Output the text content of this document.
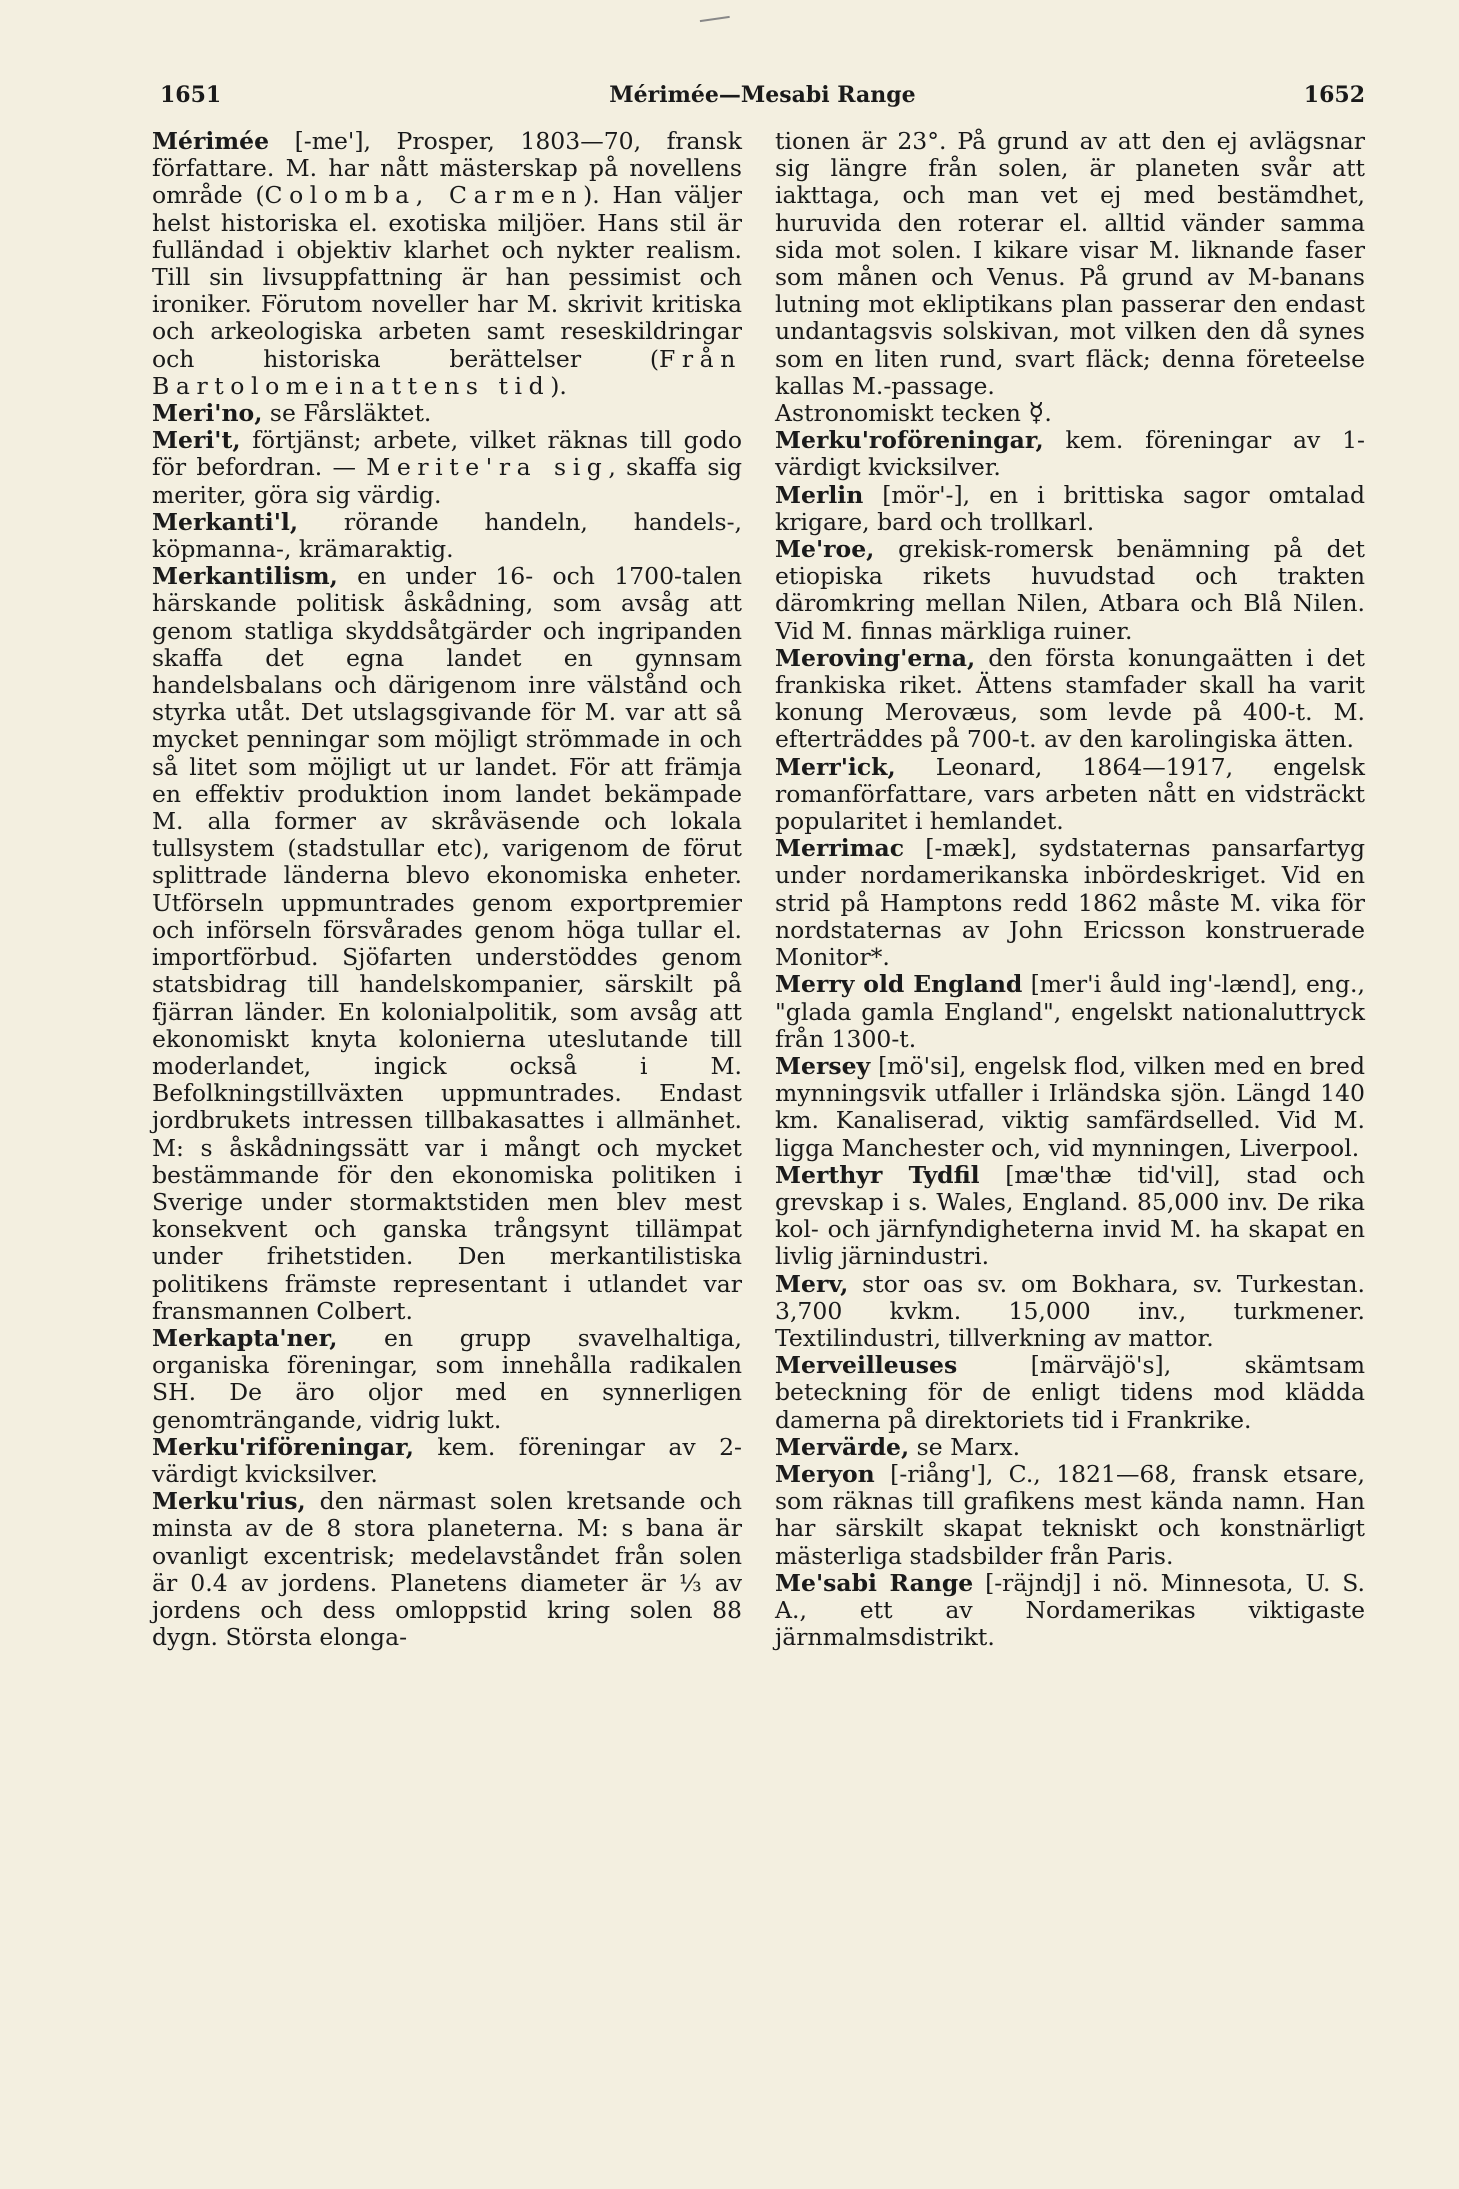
1651	Mérimée—Mesabi Range	1652

Mérimée [-me'], Prosper, 1803—70, fransk författare. M. har nått mästerskap på novellens område (Colomba, Carmen). Han väljer helst historiska el. exotiska miljöer. Hans stil är fulländad i objektiv klarhet och nykter realism. Till sin livsuppfattning är han pessimist och ironiker. Förutom noveller har M. skrivit kritiska och arkeologiska arbeten samt reseskildringar och historiska berättelser (Från Bartolomeinattens tid).

Meri'no, se Fårsläktet.

Meri't, förtjänst; arbete, vilket räknas till godo för befordran. — Merite'ra sig, skaffa sig meriter, göra sig värdig.

Merkanti'l, rörande handeln, handels-, köpmanna-, krämaraktig.

Merkantilism, en under 16- och 1700-talen härskande politisk åskådning, som avsåg att genom statliga skyddsåtgärder och ingripanden skaffa det egna landet en gynnsam handelsbalans och därigenom inre välstånd och styrka utåt. Det utslagsgivande för M. var att så mycket penningar som möjligt strömmade in och så litet som möjligt ut ur landet. För att främja en effektiv produktion inom landet bekämpade M. alla former av skråväsende och lokala tullsystem (stadstullar etc), varigenom de förut splittrade länderna blevo ekonomiska enheter. Utförseln uppmuntrades genom exportpremier och införseln försvårades genom höga tullar el. importförbud. Sjöfarten understöddes genom statsbidrag till handelskompanier, särskilt på fjärran länder. En kolonialpolitik, som avsåg att ekonomiskt knyta kolonierna uteslutande till moderlandet, ingick också i M. Befolkningstillväxten uppmuntrades. Endast jordbrukets intressen tillbakasattes i allmänhet. M: s åskådningssätt var i mångt och mycket bestämmande för den ekonomiska politiken i Sverige under stormaktstiden men blev mest konsekvent och ganska trångsynt tillämpat under frihetstiden. Den merkantilistiska politikens främste representant i utlandet var fransmannen Colbert.

Merkapta'ner, en grupp svavelhaltiga, organiska föreningar, som innehålla radikalen SH. De äro oljor med en synnerligen genomträngande, vidrig lukt.

Merku'riföreningar, kem. föreningar av 2-värdigt kvicksilver.

Merku'rius, den närmast solen kretsande och minsta av de 8 stora planeterna. M: s bana är ovanligt excentrisk; medelavståndet från solen är 0.4 av jordens. Planetens diameter är ⅓ av jordens och dess omloppstid kring solen 88 dygn. Största elonga-

tionen är 23°. På grund av att den ej avlägsnar sig längre från solen, är planeten svår att iakttaga, och man vet ej med bestämdhet, huruvida den roterar el. alltid vänder samma sida mot solen. I kikare visar M. liknande faser som månen och Venus. På grund av M-banans lutning mot ekliptikans plan passerar den endast undantagsvis solskivan, mot vilken den då synes som en liten rund, svart fläck; denna företeelse kallas M.-passage.
Astronomiskt tecken ☿.

Merku'roföreningar, kem. föreningar av 1-värdigt kvicksilver.

Merlin [mör'-], en i brittiska sagor omtalad krigare, bard och trollkarl.

Me'roe, grekisk-romersk benämning på det etiopiska rikets huvudstad och trakten däromkring mellan Nilen, Atbara och Blå Nilen. Vid M. finnas märkliga ruiner.

Meroving'erna, den första konungaätten i det frankiska riket. Ättens stamfader skall ha varit konung Merovæus, som levde på 400-t. M. efterträddes på 700-t. av den karolingiska ätten.

Merr'ick, Leonard, 1864—1917, engelsk romanförfattare, vars arbeten nått en vidsträckt popularitet i hemlandet.

Merrimac [-mæk], sydstaternas pansarfartyg under nordamerikanska inbördeskriget. Vid en strid på Hamptons redd 1862 måste M. vika för nordstaternas av John Ericsson konstruerade Monitor*.

Merry old England [mer'i åuld ing'-lænd], eng., "glada gamla England", engelskt nationaluttryck från 1300-t.

Mersey [mö'si], engelsk flod, vilken med en bred mynningsvik utfaller i Irländska sjön. Längd 140 km. Kanaliserad, viktig samfärdselled. Vid M. ligga Manchester och, vid mynningen, Liverpool.

Merthyr Tydfil [mæ'thæ tid'vil], stad och grevskap i s. Wales, England. 85,000 inv. De rika kol- och järnfyndigheterna invid M. ha skapat en livlig järnindustri.

Merv, stor oas sv. om Bokhara, sv. Turkestan. 3,700 kvkm. 15,000 inv., turkmener. Textilindustri, tillverkning av mattor.

Merveilleuses [märväjö's], skämtsam beteckning för de enligt tidens mod klädda damerna på direktoriets tid i Frankrike.

Mervärde, se Marx.

Meryon [-riång'], C., 1821—68, fransk etsare, som räknas till grafikens mest kända namn. Han har särskilt skapat tekniskt och konstnärligt mästerliga stadsbilder från Paris.

Me'sabi Range [-räjndj] i nö. Minnesota, U. S. A., ett av Nordamerikas viktigaste järnmalmsdistrikt.
